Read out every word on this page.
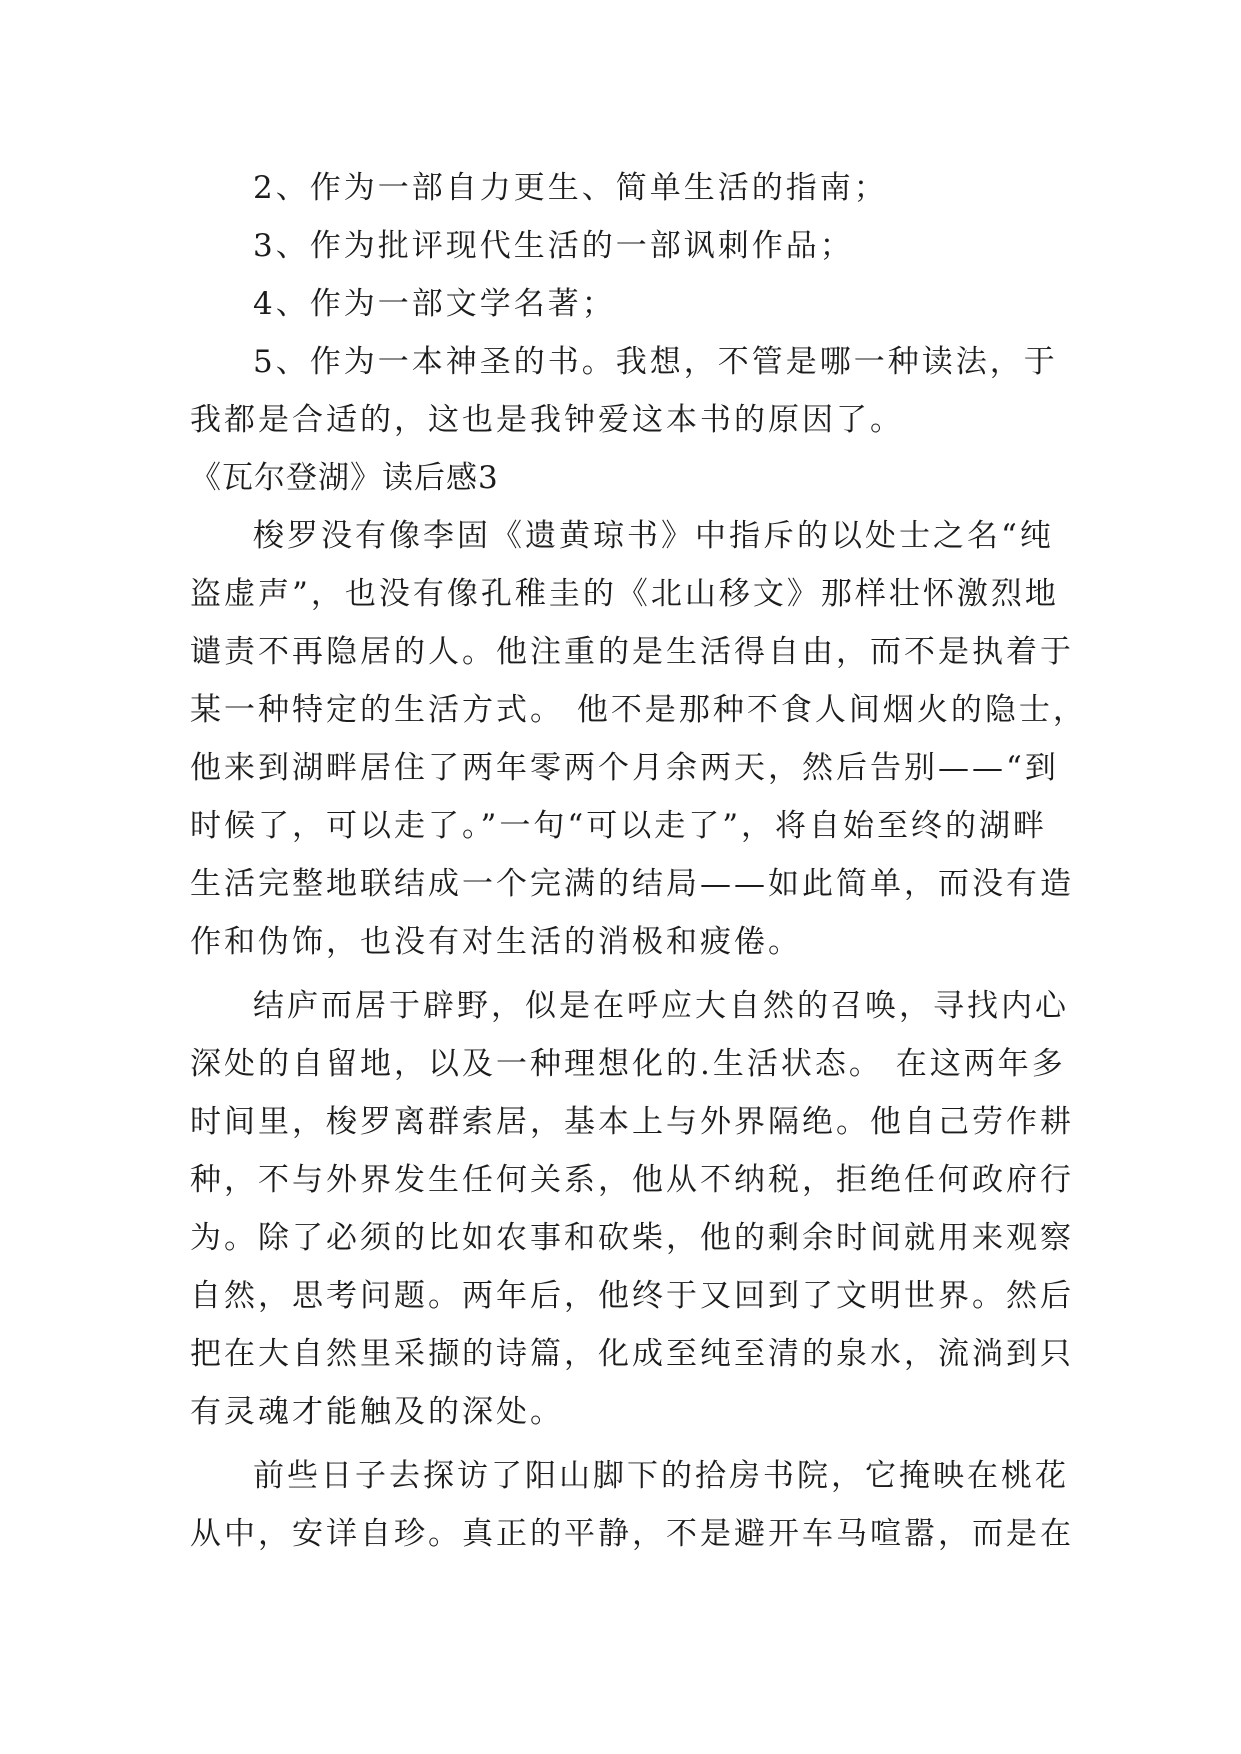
2、作为一部自力更生、简单生活的指南；
3、作为批评现代生活的一部讽刺作品；
4、作为一部文学名著；
5、作为一本神圣的书。我想，不管是哪一种读法，于
我都是合适的，这也是我钟爱这本书的原因了。
《瓦尔登湖》读后感3
梭罗没有像李固《遗黄琼书》中指斥的以处士之名“纯
盗虚声”，也没有像孔稚圭的《北山移文》那样壮怀激烈地
谴责不再隐居的人。他注重的是生活得自由，而不是执着于
某一种特定的生活方式。 他不是那种不食人间烟火的隐士，
他来到湖畔居住了两年零两个月余两天，然后告别——“到
时候了，可以走了。”一句“可以走了”，将自始至终的湖畔
生活完整地联结成一个完满的结局——如此简单，而没有造
作和伪饰，也没有对生活的消极和疲倦。
结庐而居于辟野，似是在呼应大自然的召唤，寻找内心
深处的自留地，以及一种理想化的.生活状态。 在这两年多
时间里，梭罗离群索居，基本上与外界隔绝。他自己劳作耕
种，不与外界发生任何关系，他从不纳税，拒绝任何政府行
为。除了必须的比如农事和砍柴，他的剩余时间就用来观察
自然，思考问题。两年后，他终于又回到了文明世界。然后
把在大自然里采撷的诗篇，化成至纯至清的泉水，流淌到只
有灵魂才能触及的深处。
前些日子去探访了阳山脚下的拾房书院，它掩映在桃花
从中，安详自珍。真正的平静，不是避开车马喧嚣，而是在
